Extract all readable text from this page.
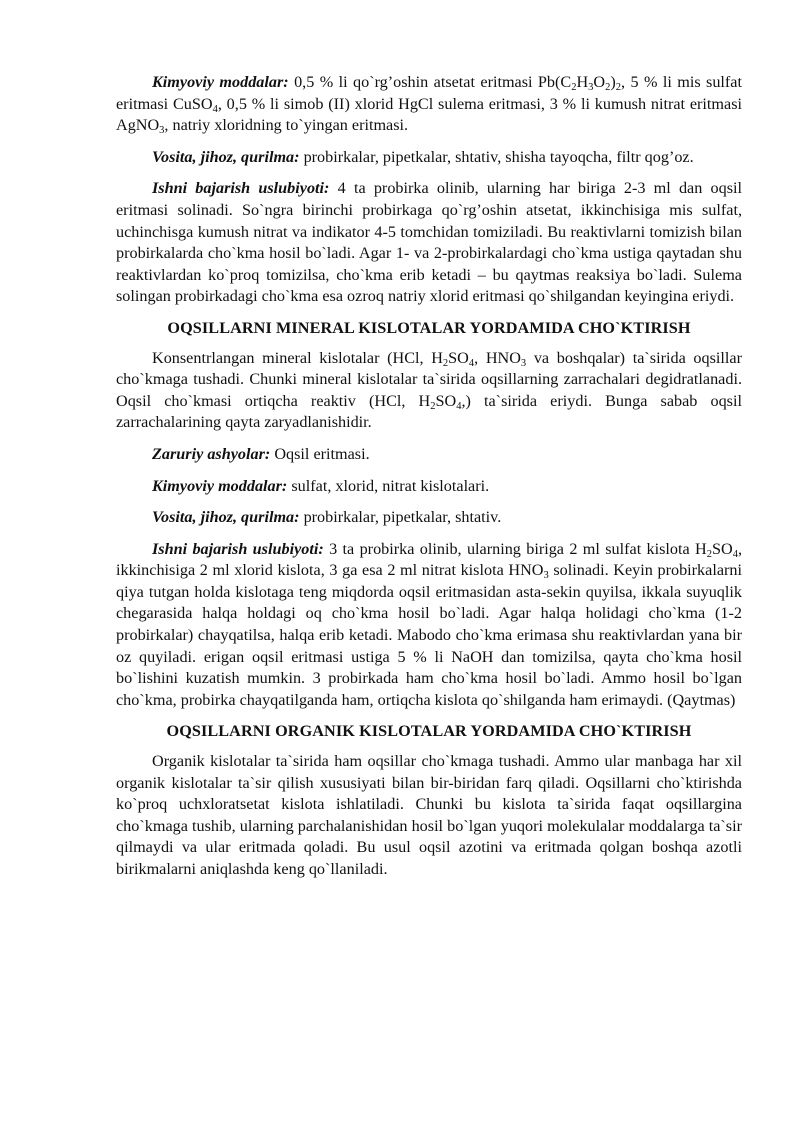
Kimyoviy moddalar: 0,5 % li qo`rg’oshin atsetat eritmasi $Pb(C_2H_3O_2)_2$, 5 % li mis sulfat eritmasi CuSO$_4$, 0,5 % li simob (II) xlorid HgCl sulema eritmasi, 3 % li kumush nitrat eritmasi AgNO$_3$, natriy xloridning to`yingan eritmasi.

Vosita, jihoz, qurilma: probirkalar, pipetkalar, shtativ, shisha tayoqcha, filtr qog’oz.

Ishni bajarish uslubiyoti: 4 ta probirka olinib, ularning har biriga 2-3 ml dan oqsil eritmasi solinadi. So`ngra birinchi probirkaga qo`rg’oshin atsetat, ikkinchisiga mis sulfat, uchinchisga kumush nitrat va indikator 4-5 tomchidan tomiziladi. Bu reaktivlarni tomizish bilan probirkalarda cho`kma hosil bo`ladi. Agar 1- va 2-probirkalardagi cho`kma ustiga qaytadan shu reaktivlardan ko`proq tomizilsa, cho`kma erib ketadi – bu qaytmas reaksiya bo`ladi. Sulema solingan probirkadagi cho`kma esa ozroq natriy xlorid eritmasi qo`shilgandan keyingina eriydi.

OQSILLARNI MINERAL KISLOTALAR YORDAMIDA CHO`KTIRISH

Konsentrlangan mineral kislotalar (HCl, $H_2SO_4$, $HNO_3$ va boshqalar) ta`sirida oqsillar cho`kmaga tushadi. Chunki mineral kislotalar ta`sirida oqsillarning zarrachalari degidratlanadi. Oqsil cho`kmasi ortiqcha reaktiv (HCl, $H_2SO_4$,) ta`sirida eriydi. Bunga sabab oqsil zarrachalarining qayta zaryadlanishidir.

Zaruriy ashyolar: Oqsil eritmasi.

Kimyoviy moddalar: sulfat, xlorid, nitrat kislotalari.

Vosita, jihoz, qurilma: probirkalar, pipetkalar, shtativ.

Ishni bajarish uslubiyoti: 3 ta probirka olinib, ularning biriga 2 ml sulfat kislota $H_2SO_4$, ikkinchisiga 2 ml xlorid kislota, 3 ga esa 2 ml nitrat kislota $HNO_3$ solinadi. Keyin probirkalarni qiya tutgan holda kislotaga teng miqdorda oqsil eritmasidan asta-sekin quyilsa, ikkala suyuqlik chegarasida halqa holdagi oq cho`kma hosil bo`ladi. Agar halqa holidagi cho`kma (1-2 probirkalar) chayqatilsa, halqa erib ketadi. Mabodo cho`kma erimasa shu reaktivlardan yana bir oz quyiladi. erigan oqsil eritmasi ustiga 5 % li NaOH dan tomizilsa, qayta cho`kma hosil bo`lishini kuzatish mumkin. 3 probirkada ham cho`kma hosil bo`ladi. Ammo hosil bo`lgan cho`kma, probirka chayqatilganda ham, ortiqcha kislota qo`shilganda ham erimaydi. (Qaytmas)

OQSILLARNI ORGANIK KISLOTALAR YORDAMIDA CHO`KTIRISH

Organik kislotalar ta`sirida ham oqsillar cho`kmaga tushadi. Ammo ular manbaga har xil organik kislotalar ta`sir qilish xususiyati bilan bir-biridan farq qiladi. Oqsillarni cho`ktirishda ko`proq uchxloratsetat kislota ishlatiladi. Chunki bu kislota ta`sirida faqat oqsillargina cho`kmaga tushib, ularning parchalanishidan hosil bo`lgan yuqori molekulalar moddalarga ta`sir qilmaydi va ular eritmada qoladi. Bu usul oqsil azotini va eritmada qolgan boshqa azotli birikmalarni aniqlashda keng qo`llaniladi.
